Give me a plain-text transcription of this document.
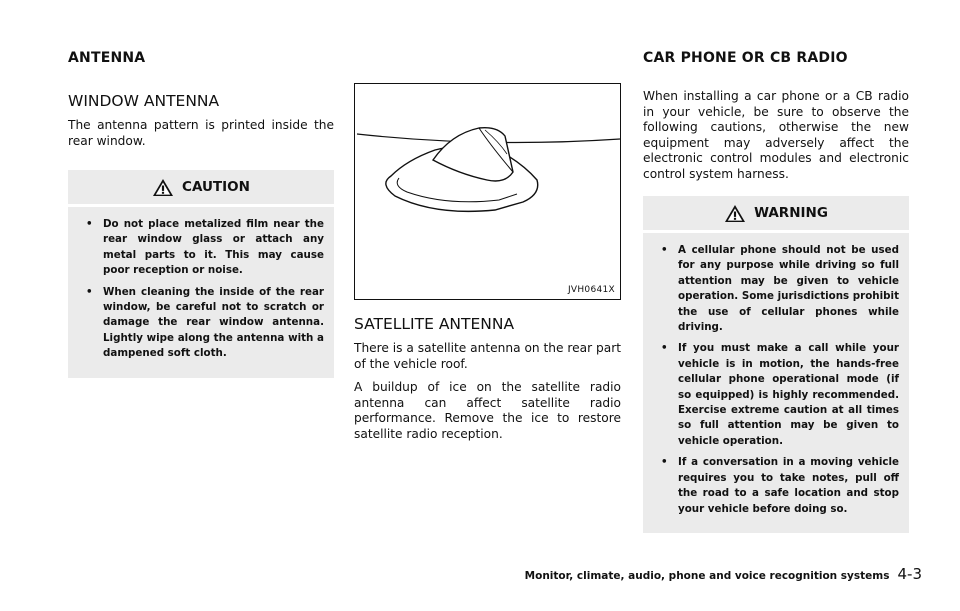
ANTENNA	CAR PHONE OR CB RADIO
WINDOW ANTENNA

The antenna pattern is printed inside the rear window.

CAUTION
• Do not place metalized film near the rear window glass or attach any metal parts to it. This may cause poor reception or noise.
• When cleaning the inside of the rear window, be careful not to scratch or damage the rear window antenna. Lightly wipe along the antenna with a dampened soft cloth.
JVH0641X
SATELLITE ANTENNA

There is a satellite antenna on the rear part of the vehicle roof.

A buildup of ice on the satellite radio antenna can affect satellite radio performance. Remove the ice to restore satellite radio reception.

When installing a car phone or a CB radio in your vehicle, be sure to observe the following cautions, otherwise the new equipment may adversely affect the electronic control modules and electronic control system harness.

WARNING
• A cellular phone should not be used for any purpose while driving so full attention may be given to vehicle operation. Some jurisdictions prohibit the use of cellular phones while driving.
• If you must make a call while your vehicle is in motion, the hands-free cellular phone operational mode (if so equipped) is highly recommended. Exercise extreme caution at all times so full attention may be given to vehicle operation.
• If a conversation in a moving vehicle requires you to take notes, pull off the road to a safe location and stop your vehicle before doing so.
Monitor, climate, audio, phone and voice recognition systems 4-3
